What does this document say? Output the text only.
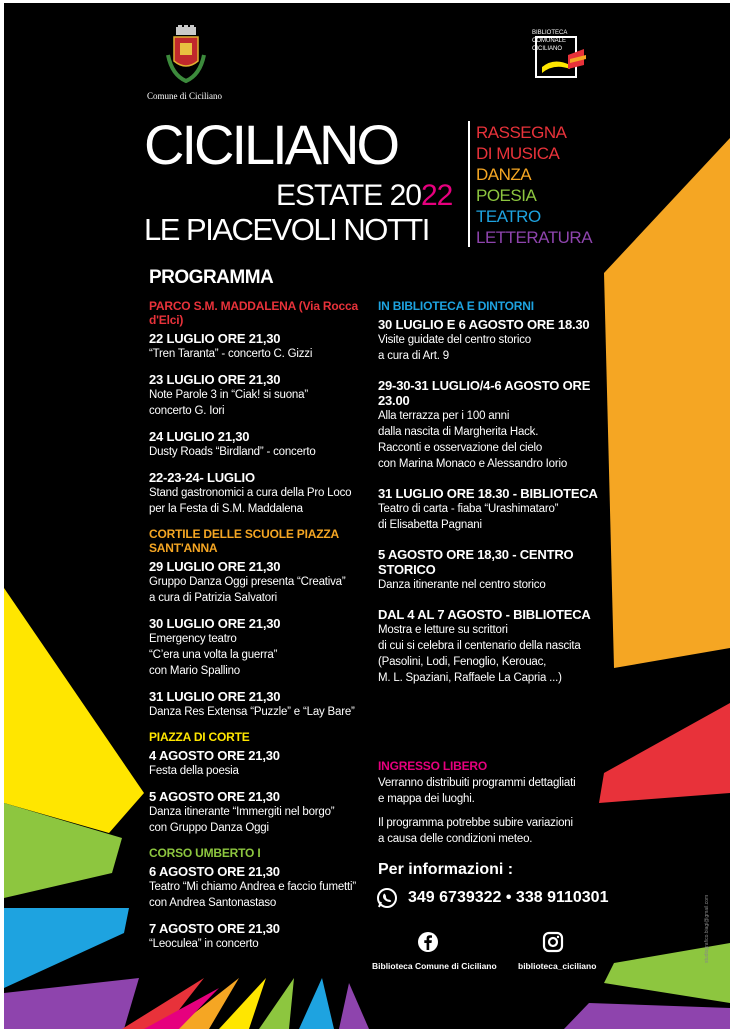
Comune di Ciciliano
BIBLIOTECA COMUNALE CICILIANO
CICILIANO
ESTATE 2022
LE PIACEVOLI NOTTI
RASSEGNA
DI MUSICA
DANZA
POESIA
TEATRO
LETTERATURA
PROGRAMMA
PARCO S.M. MADDALENA (Via Rocca d'Elci)
22 LUGLIO ORE 21,30
“Tren Taranta” - concerto C. Gizzi
23 LUGLIO ORE 21,30
Note Parole 3 in “Ciak! si suona”
concerto G. Iori
24 LUGLIO 21,30
Dusty Roads “Birdland” - concerto
22-23-24- LUGLIO
Stand gastronomici a cura della Pro Loco
per la Festa di S.M. Maddalena
CORTILE DELLE SCUOLE PIAZZA SANT'ANNA
29 LUGLIO ORE 21,30
Gruppo Danza Oggi presenta “Creativa”
a cura di Patrizia Salvatori
30 LUGLIO ORE 21,30
Emergency teatro
“C’era una volta la guerra”
con Mario Spallino
31 LUGLIO ORE 21,30
Danza Res Extensa “Puzzle” e “Lay Bare”
PIAZZA DI CORTE
4 AGOSTO ORE 21,30
Festa della poesia
5 AGOSTO ORE 21,30
Danza itinerante “Immergiti nel borgo”
con Gruppo Danza Oggi
CORSO UMBERTO I
6 AGOSTO ORE 21,30
Teatro “Mi chiamo Andrea e faccio fumetti”
con Andrea Santonastaso
7 AGOSTO ORE 21,30
“Leoculea” in concerto
IN BIBLIOTECA E DINTORNI
30 LUGLIO E 6 AGOSTO ORE 18.30
Visite guidate del centro storico
a cura di Art. 9
29-30-31 LUGLIO/4-6 AGOSTO ORE 23.00
Alla terrazza per i 100 anni
dalla nascita di Margherita Hack.
Racconti e osservazione del cielo
con Marina Monaco e Alessandro Iorio
31 LUGLIO ORE 18.30 - BIBLIOTECA
Teatro di carta - fiaba “Urashimataro”
di Elisabetta Pagnani
5 AGOSTO ORE 18,30 - CENTRO STORICO
Danza itinerante nel centro storico
DAL 4 AL 7 AGOSTO - BIBLIOTECA
Mostra e letture su scrittori
di cui si celebra il centenario della nascita
(Pasolini, Lodi, Fenoglio, Kerouac,
M. L. Spaziani, Raffaele La Capria ...)
INGRESSO LIBERO
Verranno distribuiti programmi dettagliati
e mappa dei luoghi.
Il programma potrebbe subire variazioni
a causa delle condizioni meteo.
Per informazioni :
349 6739322 • 338 9110301
Biblioteca Comune di Ciciliano	biblioteca_ciciliano
studiografico.biagi@gmail.com
